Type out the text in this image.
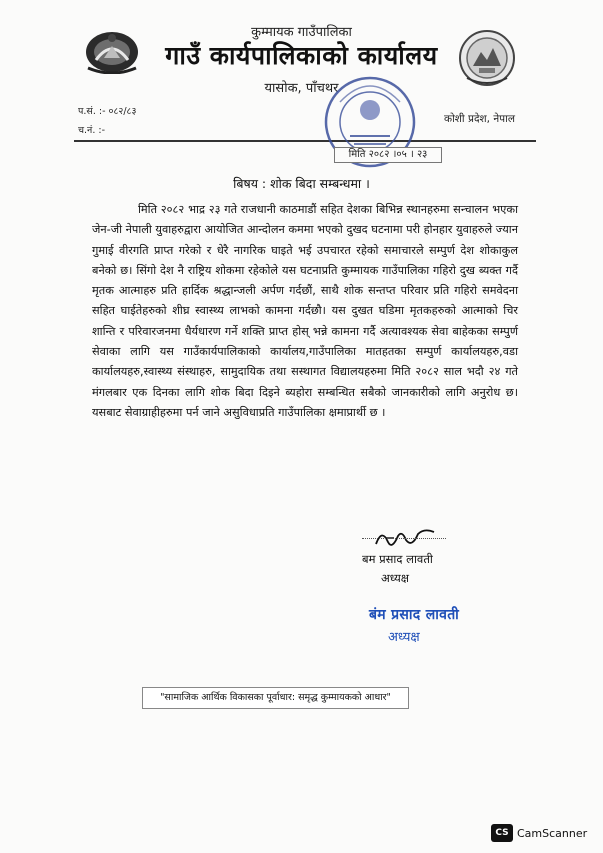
कुम्मायक गाउँपालिका
गाउँ कार्यपालिकाको कार्यालय
यासोक, पाँचथर
प.सं. :- ०८२/८३
च.नं. :-
कोशी प्रदेश, नेपाल
मिति २०८२ ।०५ । २३
बिषय : शोक बिदा सम्बन्धमा ।

मिति २०८२ भाद्र २३ गते राजधानी काठमाडौं सहित देशका बिभिन्न स्थानहरुमा सन्चालन भएका जेन-जी नेपाली युवाहरुद्वारा आयोजित आन्दोलन कममा भएको दुखद घटनामा परी होनहार युवाहरुले ज्यान गुमाई वीरगति प्राप्त गरेको र धेरै नागरिक घाइते भई उपचारत रहेको समाचारले सम्पुर्ण देश शोकाकुल बनेको छ। सिंगो देश नै राष्ट्रिय शोकमा रहेकोले यस घटनाप्रति कुम्मायक गाउँपालिका गहिरो दुख ब्यक्त गर्दै मृतक आत्माहरु प्रति हार्दिक श्रद्धान्जली अर्पण गर्दछौं, साथै शोक सन्तप्त परिवार प्रति गहिरो समवेदना सहित घाईतेहरुको शीघ्र स्वास्थ्य लाभको कामना गर्दछौ। यस दुखत घडिमा मृतकहरुको आत्माको चिर शान्ति र परिवारजनमा धैर्यधारण गर्ने शक्ति प्राप्त होस् भन्ने कामना गर्दै अत्यावश्यक सेवा बाहेकका सम्पुर्ण सेवाका लागि यस गाउँकार्यपालिकाको कार्यालय,गाउँपालिका मातहतका सम्पुर्ण कार्यालयहरु,वडा कार्यालयहरु,स्वास्थ्य संस्थाहरु, सामुदायिक तथा सस्थागत विद्यालयहरुमा मिति २०८२ साल भदौ २४ गते मंगलबार एक दिनका लागि शोक बिदा दिइने ब्यहोरा सम्बन्धित सबैको जानकारीको लागि अनुरोध छ। यसबाट सेवाग्राहीहरुमा पर्न जाने असुविधाप्रति गाउँपालिका क्षमाप्रार्थी छ ।

बम प्रसाद लावती
अध्यक्ष
बंम प्रसाद लावती
अध्यक्ष
"सामाजिक आर्थिक विकासका पूर्वाधार: समृद्ध कुम्मायकको आधार"
CS CamScanner
